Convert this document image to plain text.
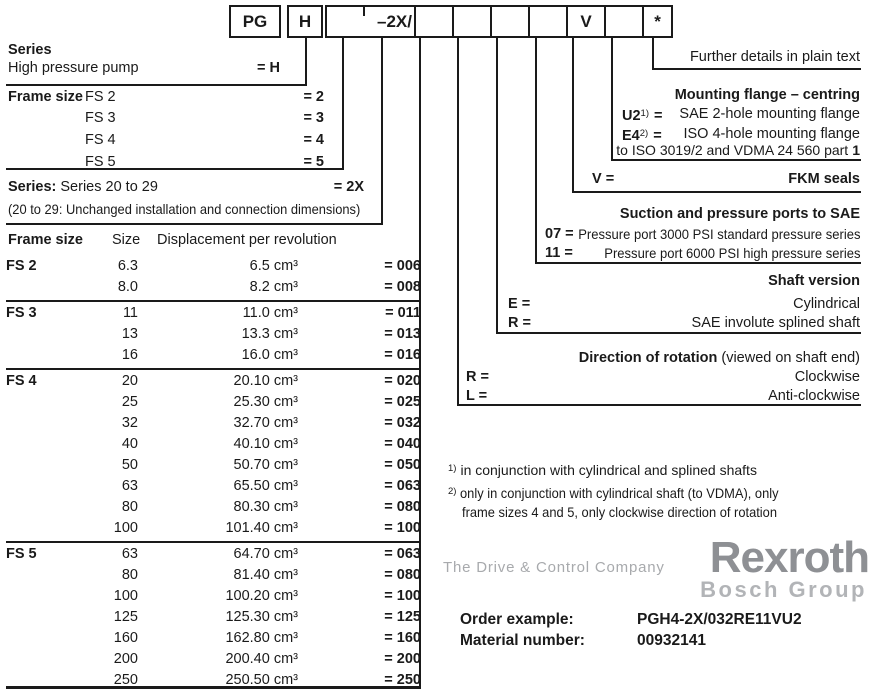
PG	H	–2X/	V	*
Series
High pressure pump	= H
Frame size FS 2	= 2
FS 3	= 3
FS 4	= 4
FS 5	= 5
Series: Series 20 to 29	= 2X
(20 to 29: Unchanged installation and connection dimensions)
Frame size Size Displacement per revolution
FS 2	6.3	6.5 cm³	= 006
8.0	8.2 cm³	= 008
FS 3	11	11.0 cm³	= 011
13	13.3 cm³	= 013
16	16.0 cm³	= 016
FS 4	20	20.10 cm³	= 020
25	25.30 cm³	= 025
32	32.70 cm³	= 032
40	40.10 cm³	= 040
50	50.70 cm³	= 050
63	65.50 cm³	= 063
80	80.30 cm³	= 080
100	101.40 cm³	= 100
FS 5	63	64.70 cm³	= 063
80	81.40 cm³	= 080
100	100.20 cm³	= 100
125	125.30 cm³	= 125
160	162.80 cm³	= 160
200	200.40 cm³	= 200
250	250.50 cm³	= 250
Further details in plain text
Mounting flange – centring
$U2^{1)}$ = SAE 2-hole mounting flange
$E4^{2)}$ = ISO 4-hole mounting flange
to ISO 3019/2 and VDMA 24 560 part 1
V =	FKM seals
Suction and pressure ports to SAE
07 = Pressure port 3000 PSI standard pressure series
11 =	Pressure port 6000 PSI high pressure series
Shaft version
E =	Cylindrical
R =	SAE involute splined shaft
Direction of rotation (viewed on shaft end)
R =	Clockwise
L =	Anti-clockwise
$^{1)}$ in conjunction with cylindrical and splined shafts
$^{2)}$ only in conjunction with cylindrical shaft (to VDMA), only
frame sizes 4 and 5, only clockwise direction of rotation
The Drive & Control Company Rexroth
Bosch Group
Order example:	PGH4-2X/032RE11VU2
Material number:	00932141
